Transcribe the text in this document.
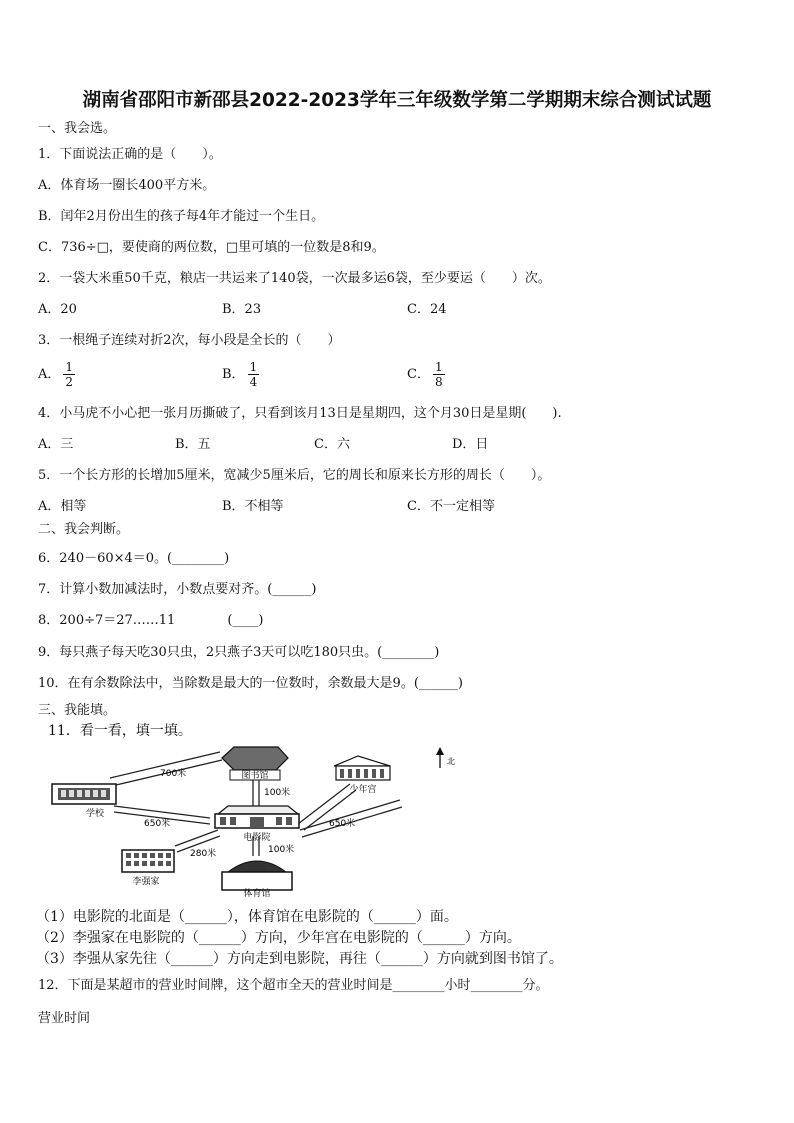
湖南省邵阳市新邵县2022-2023学年三年级数学第二学期期末综合测试试题
一、我会选。
1．下面说法正确的是（　　）。
A．体育场一圈长400平方米。
B．闰年2月份出生的孩子每4年才能过一个生日。
C．736÷□，要使商的两位数，□里可填的一位数是8和9。
2．一袋大米重50千克，粮店一共运来了140袋，一次最多运6袋，至少要运（　　）次。
A．20	B．23	C．24
3．一根绳子连续对折2次，每小段是全长的（　　）
A． $\frac{1}{2}$	B． $\frac{1}{4}$	C． $\frac{1}{8}$
4．小马虎不小心把一张月历撕破了，只看到该月13日是星期四，这个月30日是星期(　　).
A．三	B．五	C．六	D．日
5．一个长方形的长增加5厘米，宽减少5厘米后，它的周长和原来长方形的周长（　　）。
A．相等	B．不相等	C．不一定相等
二、我会判断。
6．240－60×4＝0。(________)
7．计算小数加减法时，小数点要对齐。(______)
8．200÷7＝27……11　　　　(____)
9．每只燕子每天吃30只虫，2只燕子3天可以吃180只虫。(________)
10．在有余数除法中，当除数是最大的一位数时，余数最大是9。(______)
三、我能填。
11．看一看，填一填。
图书馆
学校
电影院
少年宫
李强家
体育馆
700米
100米
650米	650米
280米	100米
北
（1）电影院的北面是（______），体育馆在电影院的（______）面。
（2）李强家在电影院的（______）方向，少年宫在电影院的（______）方向。
（3）李强从家先往（______）方向走到电影院，再往（______）方向就到图书馆了。
12．下面是某超市的营业时间牌，这个超市全天的营业时间是________小时________分。
营业时间
